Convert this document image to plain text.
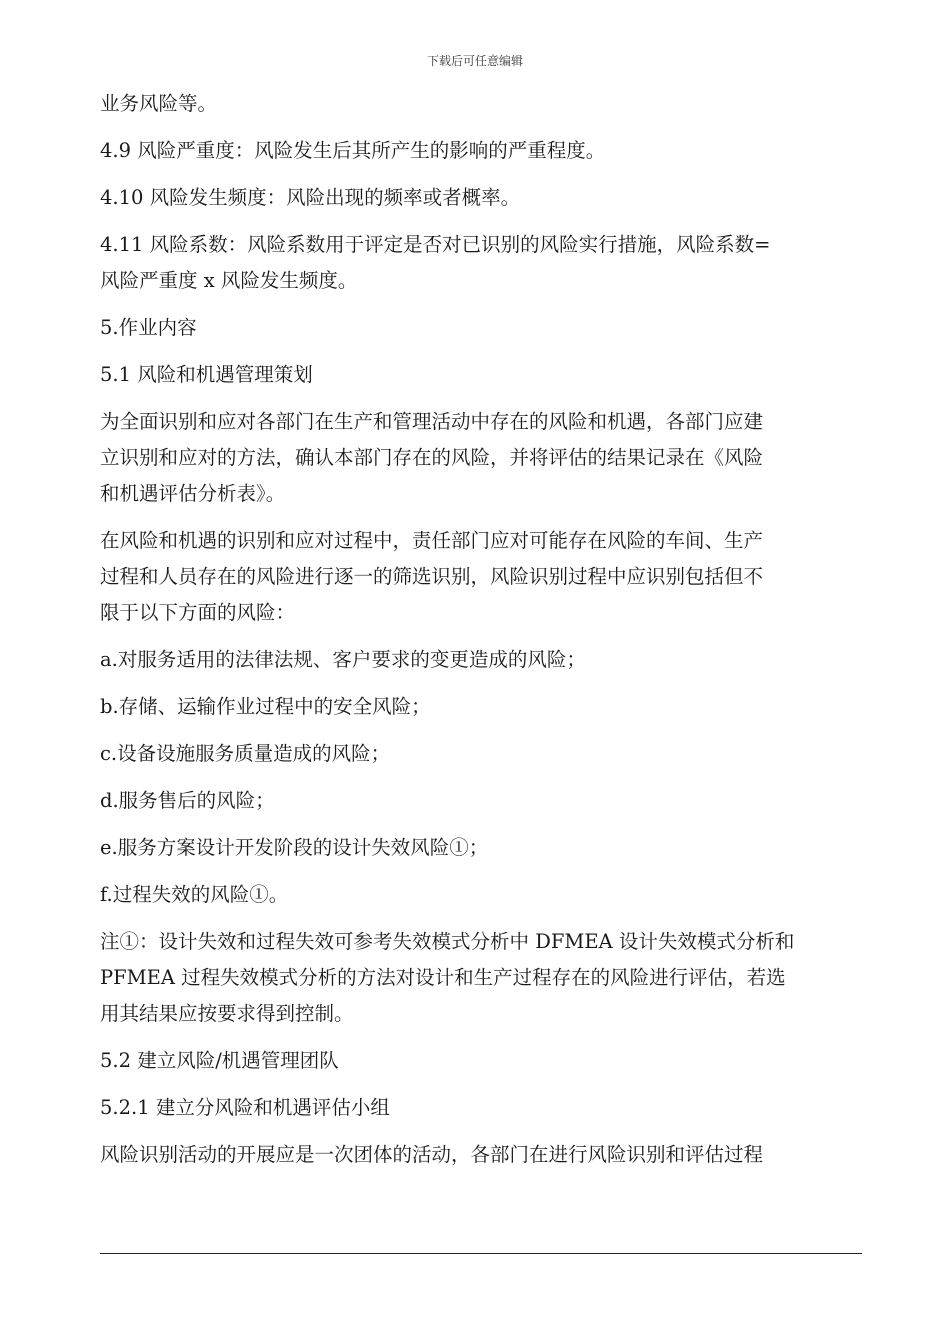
下载后可任意编辑
业务风险等。
4.9 风险严重度：风险发生后其所产生的影响的严重程度。
4.10 风险发生频度：风险出现的频率或者概率。
4.11 风险系数：风险系数用于评定是否对已识别的风险实行措施，风险系数=
风险严重度 x 风险发生频度。
5.作业内容
5.1 风险和机遇管理策划
为全面识别和应对各部门在生产和管理活动中存在的风险和机遇，各部门应建
立识别和应对的方法，确认本部门存在的风险，并将评估的结果记录在《风险
和机遇评估分析表》。
在风险和机遇的识别和应对过程中，责任部门应对可能存在风险的车间、生产
过程和人员存在的风险进行逐一的筛选识别，风险识别过程中应识别包括但不
限于以下方面的风险：
a.对服务适用的法律法规、客户要求的变更造成的风险；
b.存储、运输作业过程中的安全风险；
c.设备设施服务质量造成的风险；
d.服务售后的风险；
e.服务方案设计开发阶段的设计失效风险①；
f.过程失效的风险①。
注①：设计失效和过程失效可参考失效模式分析中 DFMEA 设计失效模式分析和
PFMEA 过程失效模式分析的方法对设计和生产过程存在的风险进行评估，若选
用其结果应按要求得到控制。
5.2 建立风险/机遇管理团队
5.2.1 建立分风险和机遇评估小组
风险识别活动的开展应是一次团体的活动，各部门在进行风险识别和评估过程
